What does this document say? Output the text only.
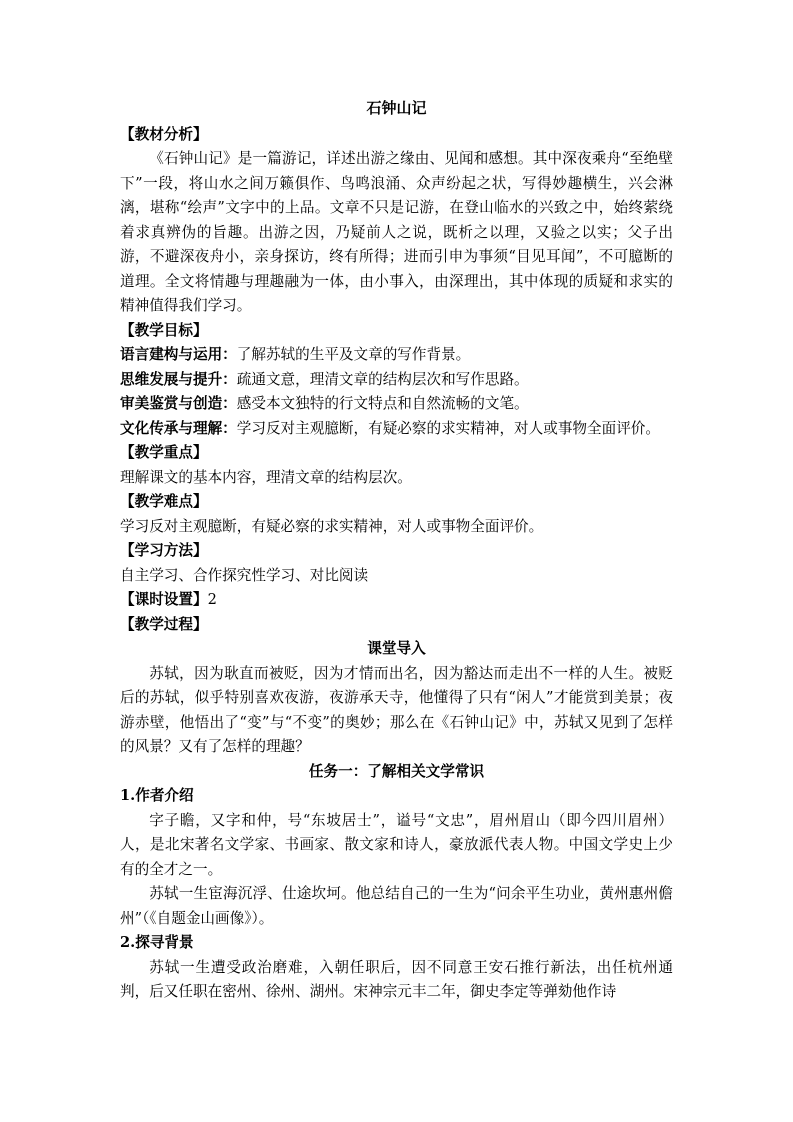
石钟山记

【教材分析】

《石钟山记》是一篇游记，详述出游之缘由、见闻和感想。其中深夜乘舟“至绝壁下”一段，将山水之间万籁俱作、鸟鸣浪涌、众声纷起之状，写得妙趣横生，兴会淋漓，堪称“绘声”文字中的上品。文章不只是记游，在登山临水的兴致之中，始终萦绕着求真辨伪的旨趣。出游之因，乃疑前人之说，既析之以理，又验之以实；父子出游，不避深夜舟小，亲身探访，终有所得；进而引申为事须“目见耳闻”，不可臆断的道理。全文将情趣与理趣融为一体，由小事入，由深理出，其中体现的质疑和求实的精神值得我们学习。

【教学目标】

语言建构与运用：了解苏轼的生平及文章的写作背景。

思维发展与提升：疏通文意，理清文章的结构层次和写作思路。

审美鉴赏与创造：感受本文独特的行文特点和自然流畅的文笔。

文化传承与理解：学习反对主观臆断，有疑必察的求实精神，对人或事物全面评价。

【教学重点】

理解课文的基本内容，理清文章的结构层次。

【教学难点】

学习反对主观臆断，有疑必察的求实精神，对人或事物全面评价。

【学习方法】

自主学习、合作探究性学习、对比阅读

【课时设置】2

【教学过程】

课堂导入

苏轼，因为耿直而被贬，因为才情而出名，因为豁达而走出不一样的人生。被贬后的苏轼，似乎特别喜欢夜游，夜游承天寺，他懂得了只有“闲人”才能赏到美景；夜游赤壁，他悟出了“变”与“不变”的奥妙；那么在《石钟山记》中，苏轼又见到了怎样的风景？又有了怎样的理趣？

任务一：了解相关文学常识

1.作者介绍

字子瞻，又字和仲，号“东坡居士”，谥号“文忠”，眉州眉山（即今四川眉州）人，是北宋著名文学家、书画家、散文家和诗人，豪放派代表人物。中国文学史上少有的全才之一。

苏轼一生宦海沉浮、仕途坎坷。他总结自己的一生为“问余平生功业，黄州惠州儋州”（《自题金山画像》）。

2.探寻背景

苏轼一生遭受政治磨难，入朝任职后，因不同意王安石推行新法，出任杭州通判，后又任职在密州、徐州、湖州。宋神宗元丰二年，御史李定等弹劾他作诗
